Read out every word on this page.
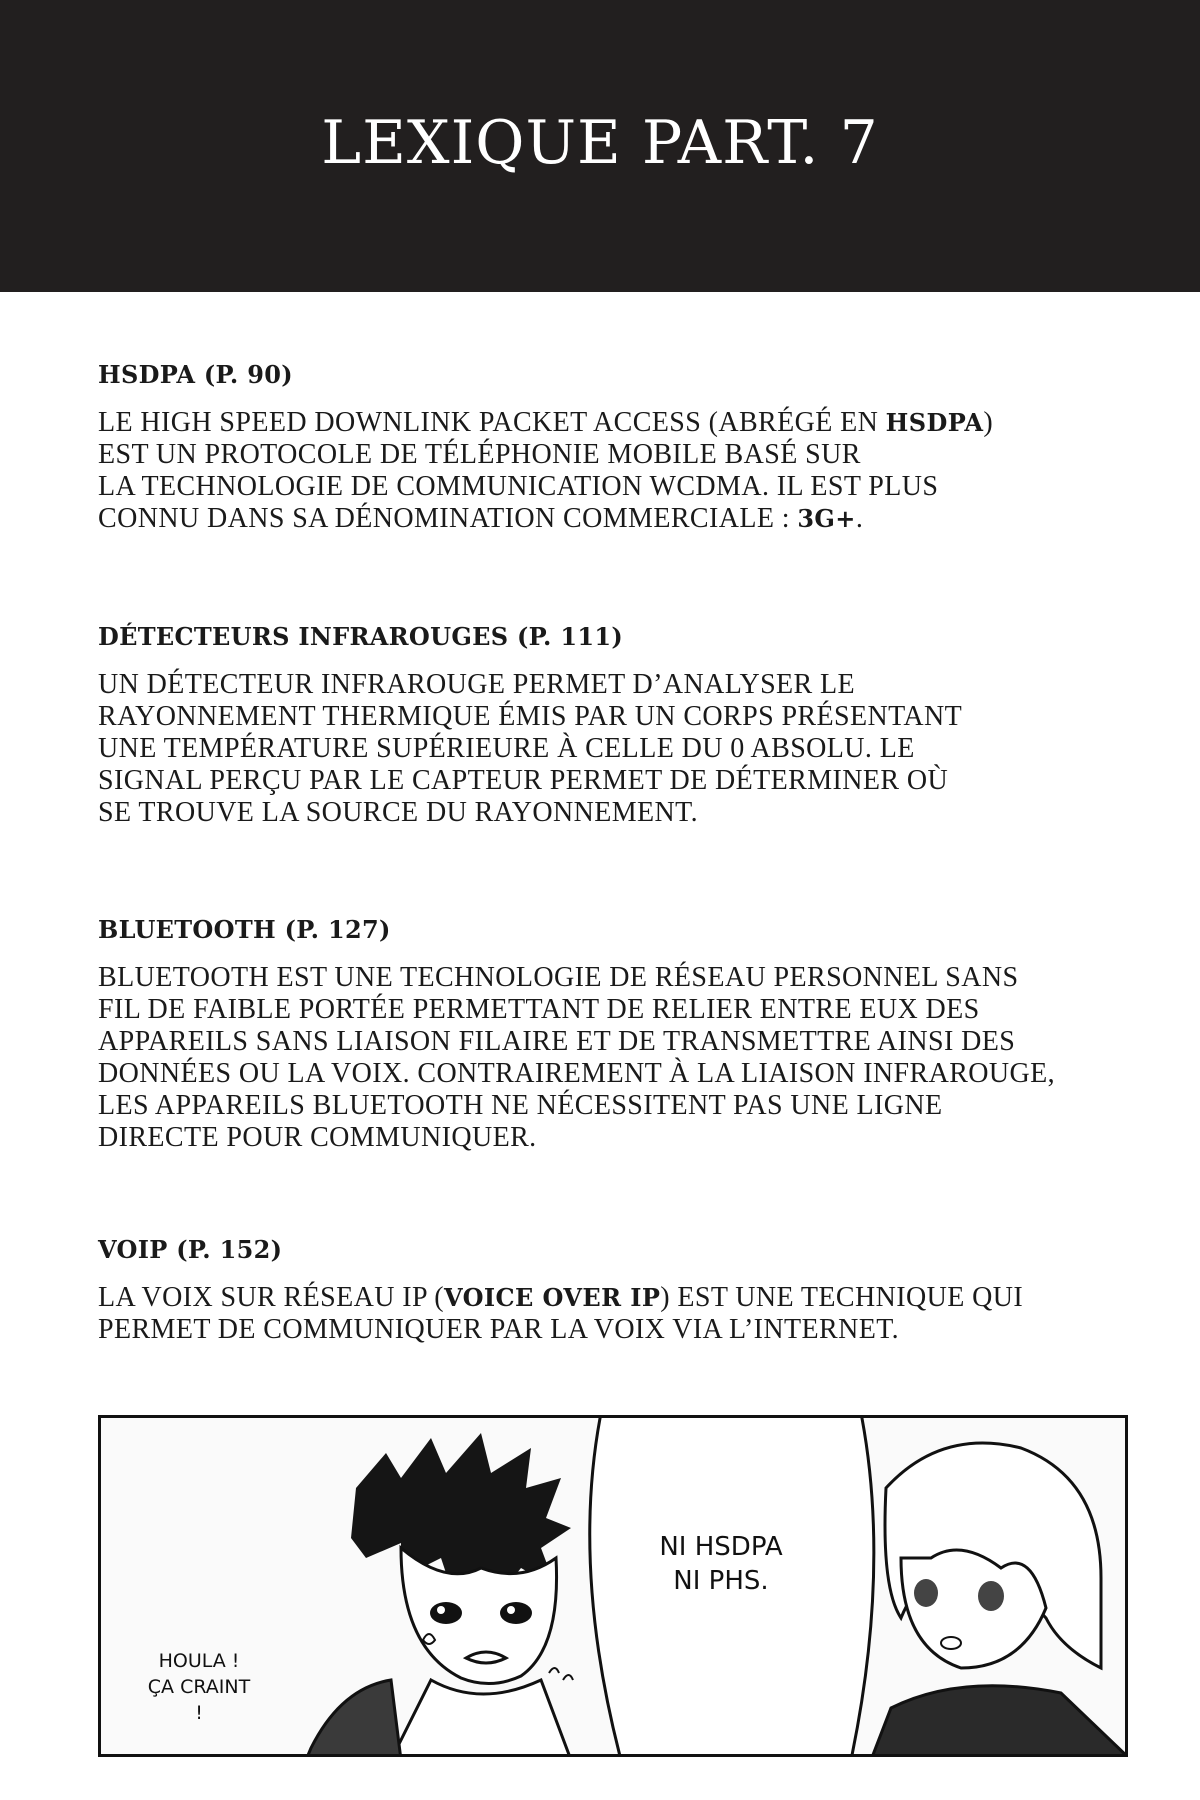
LEXIQUE PART. 7
HSDPA (P. 90)

LE HIGH SPEED DOWNLINK PACKET ACCESS (ABRÉGÉ EN HSDPA)
EST UN PROTOCOLE DE TÉLÉPHONIE MOBILE BASÉ SUR
LA TECHNOLOGIE DE COMMUNICATION WCDMA. IL EST PLUS
CONNU DANS SA DÉNOMINATION COMMERCIALE : 3G+.

DÉTECTEURS INFRAROUGES (P. 111)

UN DÉTECTEUR INFRAROUGE PERMET D’ANALYSER LE
RAYONNEMENT THERMIQUE ÉMIS PAR UN CORPS PRÉSENTANT
UNE TEMPÉRATURE SUPÉRIEURE À CELLE DU 0 ABSOLU. LE
SIGNAL PERÇU PAR LE CAPTEUR PERMET DE DÉTERMINER OÙ
SE TROUVE LA SOURCE DU RAYONNEMENT.

BLUETOOTH (P. 127)

BLUETOOTH EST UNE TECHNOLOGIE DE RÉSEAU PERSONNEL SANS
FIL DE FAIBLE PORTÉE PERMETTANT DE RELIER ENTRE EUX DES
APPAREILS SANS LIAISON FILAIRE ET DE TRANSMETTRE AINSI DES
DONNÉES OU LA VOIX. CONTRAIREMENT À LA LIAISON INFRAROUGE,
LES APPAREILS BLUETOOTH NE NÉCESSITENT PAS UNE LIGNE
DIRECTE POUR COMMUNIQUER.

VOIP (P. 152)

LA VOIX SUR RÉSEAU IP (VOICE OVER IP) EST UNE TECHNIQUE QUI
PERMET DE COMMUNIQUER PAR LA VOIX VIA L’INTERNET.

NI HSDPA
NI PHS.
HOULA !
ÇA CRAINT
!
